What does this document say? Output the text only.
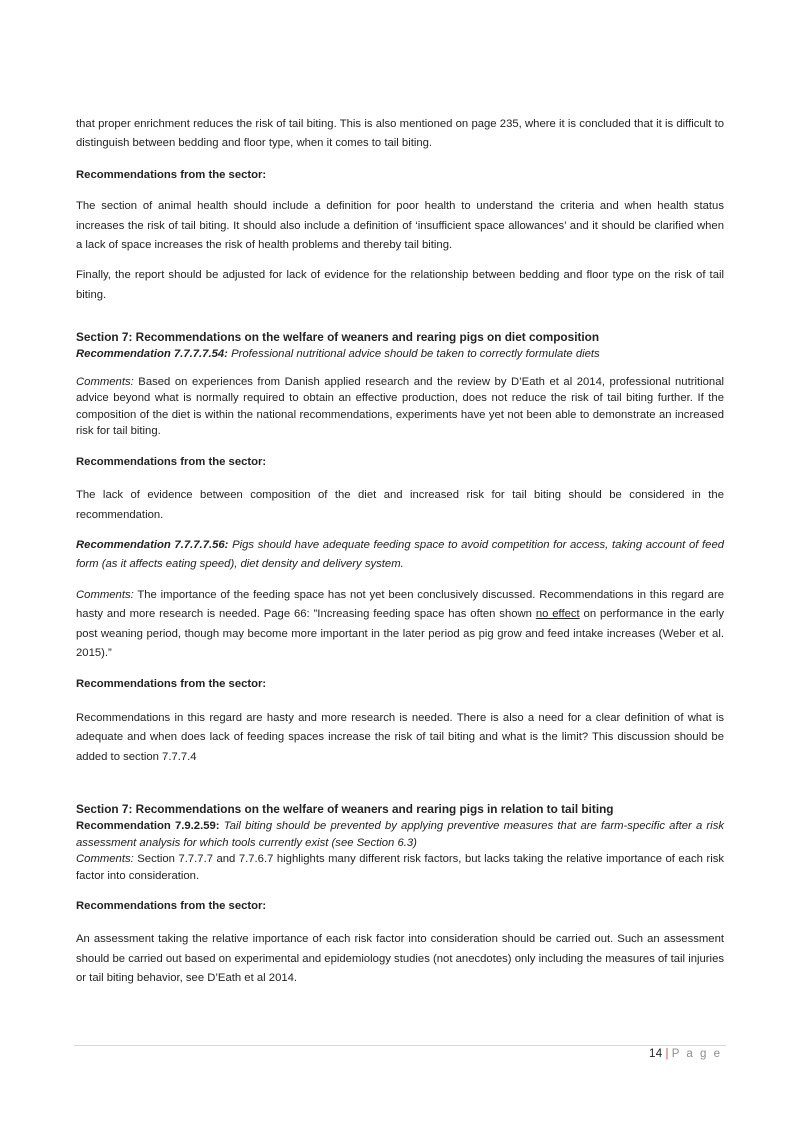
that proper enrichment reduces the risk of tail biting. This is also mentioned on page 235, where it is concluded that it is difficult to distinguish between bedding and floor type, when it comes to tail biting.

Recommendations from the sector:

The section of animal health should include a definition for poor health to understand the criteria and when health status increases the risk of tail biting. It should also include a definition of ‘insufficient space allowances’ and it should be clarified when a lack of space increases the risk of health problems and thereby tail biting.

Finally, the report should be adjusted for lack of evidence for the relationship between bedding and floor type on the risk of tail biting.

Section 7: Recommendations on the welfare of weaners and rearing pigs on diet composition

Recommendation 7.7.7.7.54: Professional nutritional advice should be taken to correctly formulate diets

Comments: Based on experiences from Danish applied research and the review by D’Eath et al 2014, professional nutritional advice beyond what is normally required to obtain an effective production, does not reduce the risk of tail biting further. If the composition of the diet is within the national recommendations, experiments have yet not been able to demonstrate an increased risk for tail biting.

Recommendations from the sector:

The lack of evidence between composition of the diet and increased risk for tail biting should be considered in the recommendation.

Recommendation 7.7.7.7.56: Pigs should have adequate feeding space to avoid competition for access, taking account of feed form (as it affects eating speed), diet density and delivery system.

Comments: The importance of the feeding space has not yet been conclusively discussed. Recommendations in this regard are hasty and more research is needed. Page 66: ”Increasing feeding space has often shown no effect on performance in the early post weaning period, though may become more important in the later period as pig grow and feed intake increases (Weber et al. 2015).”

Recommendations from the sector:

Recommendations in this regard are hasty and more research is needed. There is also a need for a clear definition of what is adequate and when does lack of feeding spaces increase the risk of tail biting and what is the limit? This discussion should be added to section 7.7.7.4

Section 7: Recommendations on the welfare of weaners and rearing pigs in relation to tail biting

Recommendation 7.9.2.59: Tail biting should be prevented by applying preventive measures that are farm-specific after a risk assessment analysis for which tools currently exist (see Section 6.3)

Comments: Section 7.7.7.7 and 7.7.6.7 highlights many different risk factors, but lacks taking the relative importance of each risk factor into consideration.

Recommendations from the sector:

An assessment taking the relative importance of each risk factor into consideration should be carried out. Such an assessment should be carried out based on experimental and epidemiology studies (not anecdotes) only including the measures of tail injuries or tail biting behavior, see D’Eath et al 2014.

14 | P a g e
